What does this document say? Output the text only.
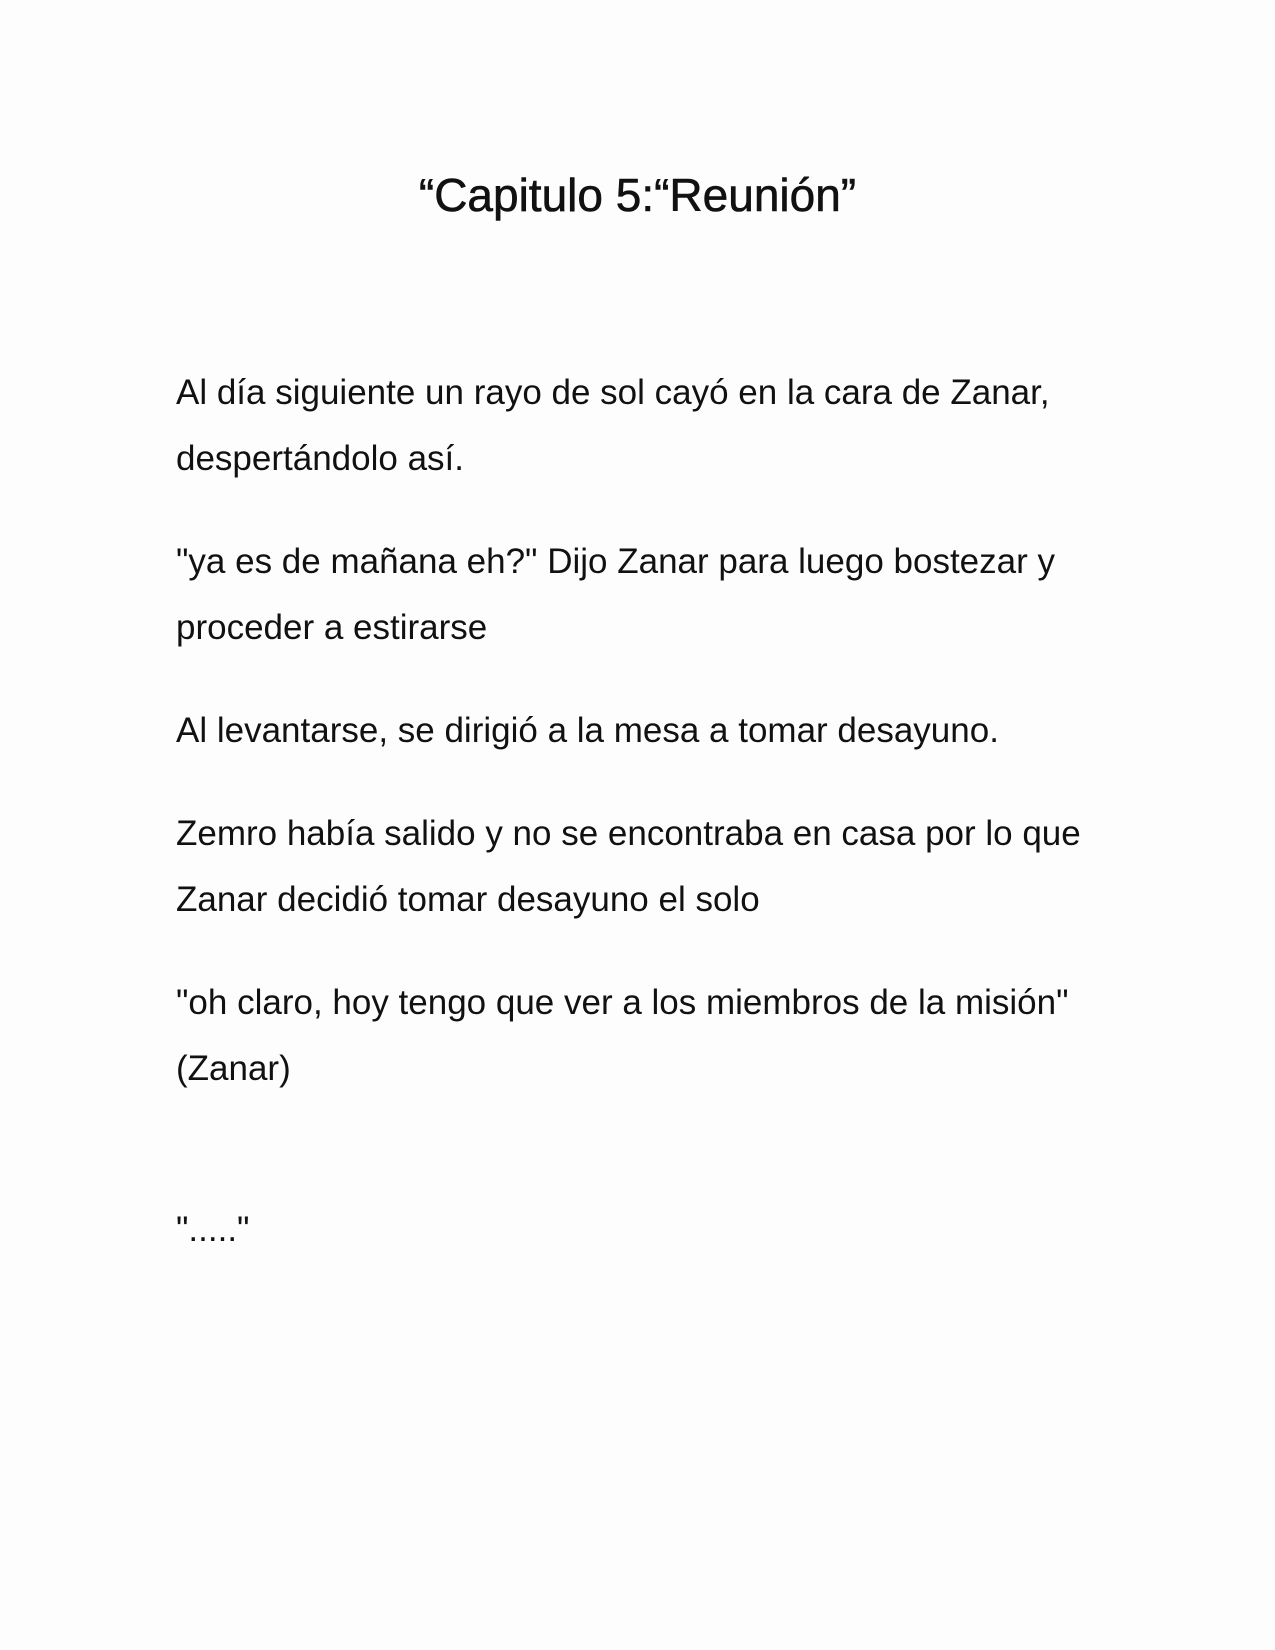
“Capitulo 5:“Reunión”

Al día siguiente un rayo de sol cayó en la cara de Zanar, despertándolo así.

"ya es de mañana eh?" Dijo Zanar para luego bostezar y proceder a estirarse

Al levantarse, se dirigió a la mesa a tomar desayuno.

Zemro había salido y no se encontraba en casa por lo que Zanar decidió tomar desayuno el solo

"oh claro, hoy tengo que ver a los miembros de la misión" (Zanar)

"....."
